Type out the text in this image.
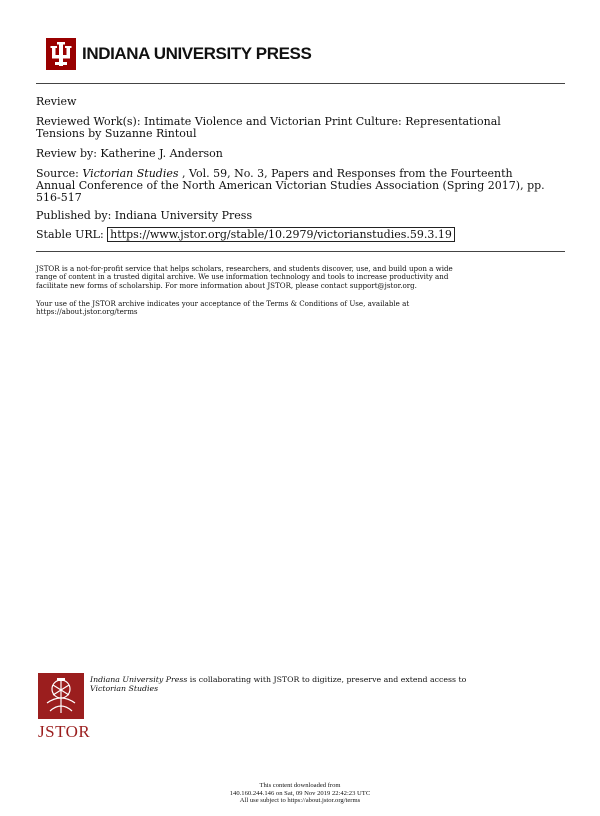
INDIANA UNIVERSITY PRESS
Review
Reviewed Work(s): Intimate Violence and Victorian Print Culture: Representational
Tensions by Suzanne Rintoul
Review by: Katherine J. Anderson
Source: Victorian Studies , Vol. 59, No. 3, Papers and Responses from the Fourteenth
Annual Conference of the North American Victorian Studies Association (Spring 2017), pp.
516-517
Published by: Indiana University Press
Stable URL: https://www.jstor.org/stable/10.2979/victorianstudies.59.3.19
JSTOR is a not-for-profit service that helps scholars, researchers, and students discover, use, and build upon a wide
range of content in a trusted digital archive. We use information technology and tools to increase productivity and
facilitate new forms of scholarship. For more information about JSTOR, please contact support@jstor.org.
Your use of the JSTOR archive indicates your acceptance of the Terms & Conditions of Use, available at
https://about.jstor.org/terms
JSTOR
Indiana University Press is collaborating with JSTOR to digitize, preserve and extend access to
Victorian Studies
This content downloaded from
140.160.244.146 on Sat, 09 Nov 2019 22:42:23 UTC
All use subject to https://about.jstor.org/terms
